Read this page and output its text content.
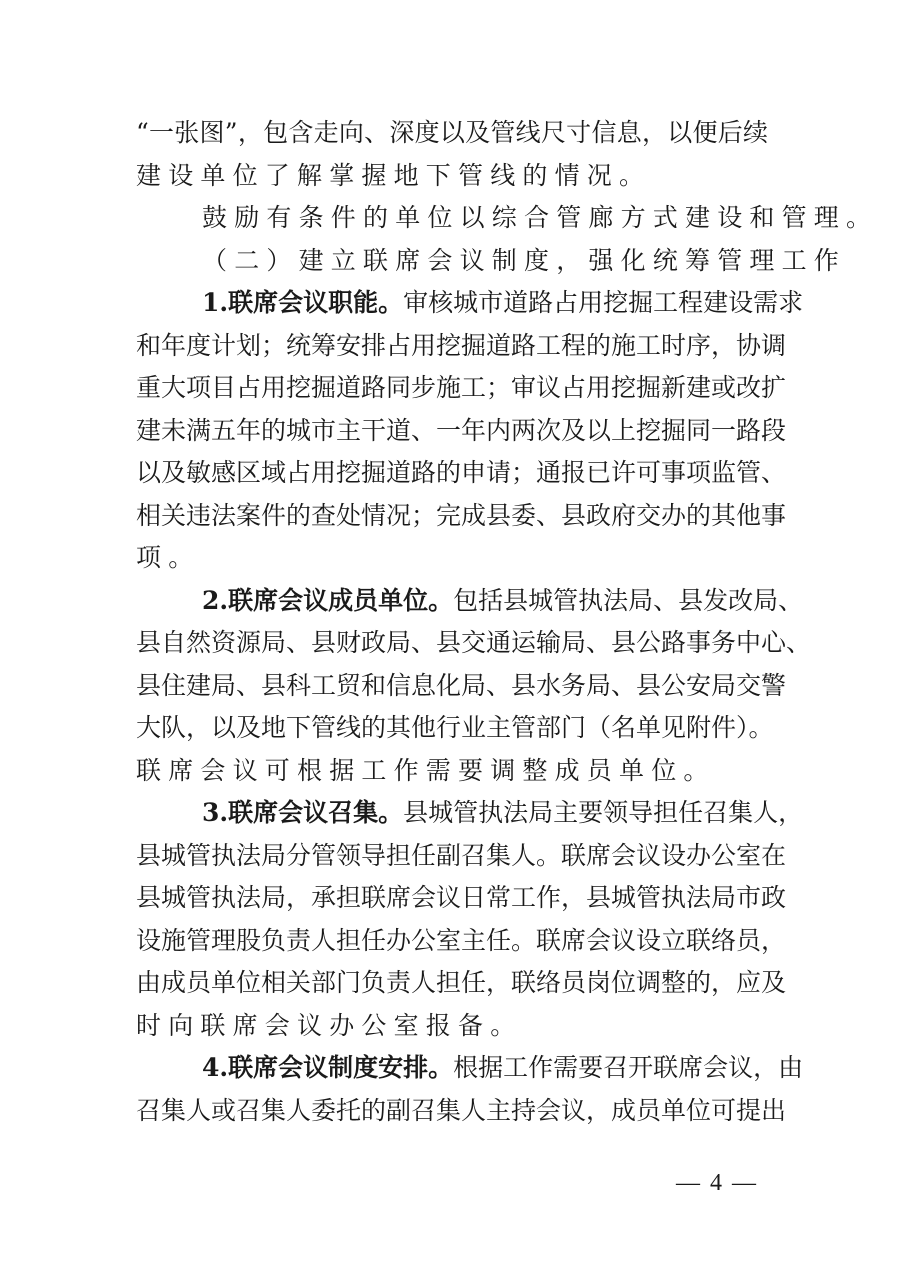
“一张图”，包含走向、深度以及管线尺寸信息，以便后续
建设单位了解掌握地下管线的情况。
鼓励有条件的单位以综合管廊方式建设和管理。
（二）建立联席会议制度，强化统筹管理工作
1.联席会议职能。审核城市道路占用挖掘工程建设需求
和年度计划；统筹安排占用挖掘道路工程的施工时序，协调
重大项目占用挖掘道路同步施工；审议占用挖掘新建或改扩
建未满五年的城市主干道、一年内两次及以上挖掘同一路段
以及敏感区域占用挖掘道路的申请；通报已许可事项监管、
相关违法案件的查处情况；完成县委、县政府交办的其他事
项。
2.联席会议成员单位。包括县城管执法局、县发改局、
县自然资源局、县财政局、县交通运输局、县公路事务中心、
县住建局、县科工贸和信息化局、县水务局、县公安局交警
大队，以及地下管线的其他行业主管部门（名单见附件）。
联席会议可根据工作需要调整成员单位。
3.联席会议召集。县城管执法局主要领导担任召集人，
县城管执法局分管领导担任副召集人。联席会议设办公室在
县城管执法局，承担联席会议日常工作，县城管执法局市政
设施管理股负责人担任办公室主任。联席会议设立联络员，
由成员单位相关部门负责人担任，联络员岗位调整的，应及
时向联席会议办公室报备。
4.联席会议制度安排。根据工作需要召开联席会议，由
召集人或召集人委托的副召集人主持会议，成员单位可提出
— 4 —
